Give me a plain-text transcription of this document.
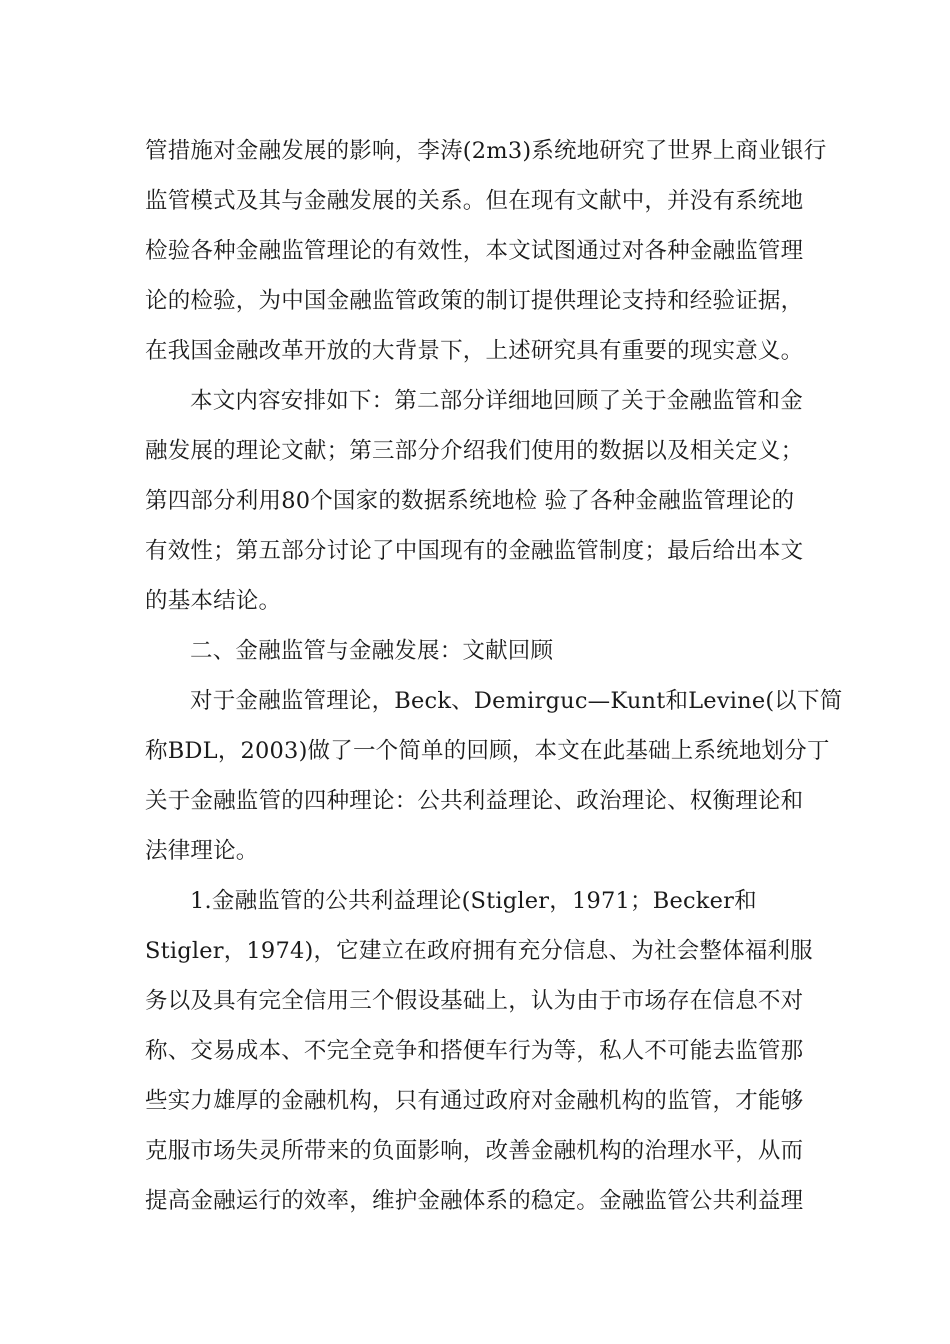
管措施对金融发展的影响，李涛(2m3)系统地研究了世界上商业银行
监管模式及其与金融发展的关系。但在现有文献中，并没有系统地
检验各种金融监管理论的有效性，本文试图通过对各种金融监管理
论的检验，为中国金融监管政策的制订提供理论支持和经验证据，
在我国金融改革开放的大背景下，上述研究具有重要的现实意义。
本文内容安排如下：第二部分详细地回顾了关于金融监管和金
融发展的理论文献；第三部分介绍我们使用的数据以及相关定义；
第四部分利用80个国家的数据系统地检 验了各种金融监管理论的
有效性；第五部分讨论了中国现有的金融监管制度；最后给出本文
的基本结论。
二、金融监管与金融发展：文献回顾
对于金融监管理论，Beck、Demirguc—Kunt和Levine(以下简
称BDL，2003)做了一个简单的回顾，本文在此基础上系统地划分丁
关于金融监管的四种理论：公共利益理论、政治理论、权衡理论和
法律理论。
1.金融监管的公共利益理论(Stigler，1971；Becker和
Stigler，1974)，它建立在政府拥有充分信息、为社会整体福利服
务以及具有完全信用三个假设基础上，认为由于市场存在信息不对
称、交易成本、不完全竞争和搭便车行为等，私人不可能去监管那
些实力雄厚的金融机构，只有通过政府对金融机构的监管，才能够
克服市场失灵所带来的负面影响，改善金融机构的治理水平，从而
提高金融运行的效率，维护金融体系的稳定。金融监管公共利益理
